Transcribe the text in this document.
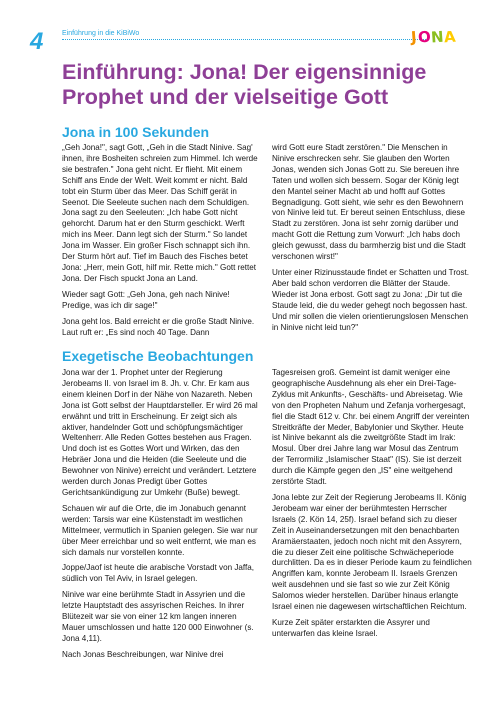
4	Einführung in die KiBiWo	JONA
Einführung: Jona! Der eigensinnige Prophet und der vielseitige Gott
Jona in 100 Sekunden

„Geh Jona!", sagt Gott, „Geh in die Stadt Ninive. Sag' ihnen, ihre Bosheiten schreien zum Himmel. Ich werde sie bestrafen." Jona geht nicht. Er flieht. Mit einem Schiff ans Ende der Welt. Weit kommt er nicht. Bald tobt ein Sturm über das Meer. Das Schiff gerät in Seenot. Die Seeleute suchen nach dem Schuldigen. Jona sagt zu den Seeleuten: „Ich habe Gott nicht gehorcht. Darum hat er den Sturm geschickt. Werft mich ins Meer. Dann legt sich der Sturm." So landet Jona im Wasser. Ein großer Fisch schnappt sich ihn. Der Sturm hört auf. Tief im Bauch des Fisches betet Jona: „Herr, mein Gott, hilf mir. Rette mich." Gott rettet Jona. Der Fisch spuckt Jona an Land.

Wieder sagt Gott: „Geh Jona, geh nach Ninive! Predige, was ich dir sage!"

Jona geht los. Bald erreicht er die große Stadt Ninive. Laut ruft er: „Es sind noch 40 Tage. Dann

wird Gott eure Stadt zerstören." Die Menschen in Ninive erschrecken sehr. Sie glauben den Worten Jonas, wenden sich Jonas Gott zu. Sie bereuen ihre Taten und wollen sich bessern. Sogar der König legt den Mantel seiner Macht ab und hofft auf Gottes Begnadigung. Gott sieht, wie sehr es den Bewohnern von Ninive leid tut. Er bereut seinen Entschluss, diese Stadt zu zerstören. Jona ist sehr zornig darüber und macht Gott die Rettung zum Vorwurf: „Ich habs doch gleich gewusst, dass du barmherzig bist und die Stadt verschonen wirst!"

Unter einer Rizinusstaude findet er Schatten und Trost. Aber bald schon verdorren die Blätter der Staude. Wieder ist Jona erbost. Gott sagt zu Jona: „Dir tut die Staude leid, die du weder gehegt noch begossen hast. Und mir sollen die vielen orientierungslosen Menschen in Ninive nicht leid tun?"

Exegetische Beobachtungen

Jona war der 1. Prophet unter der Regierung Jerobeams II. von Israel im 8. Jh. v. Chr. Er kam aus einem kleinen Dorf in der Nähe von Nazareth. Neben Jona ist Gott selbst der Hauptdarsteller. Er wird 26 mal erwähnt und tritt in Erscheinung. Er zeigt sich als aktiver, handelnder Gott und schöpfungsmächtiger Weltenherr. Alle Reden Gottes bestehen aus Fragen. Und doch ist es Gottes Wort und Wirken, das den Hebräer Jona und die Heiden (die Seeleute und die Bewohner von Ninive) erreicht und verändert. Letztere werden durch Jonas Predigt über Gottes Gerichtsankündigung zur Umkehr (Buße) bewegt.

Schauen wir auf die Orte, die im Jonabuch genannt werden: Tarsis war eine Küstenstadt im westlichen Mittelmeer, vermutlich in Spanien gelegen. Sie war nur über Meer erreichbar und so weit entfernt, wie man es sich damals nur vorstellen konnte.

Joppe/Jaof ist heute die arabische Vorstadt von Jaffa, südlich von Tel Aviv, in Israel gelegen.

Ninive war eine berühmte Stadt in Assyrien und die letzte Hauptstadt des assyrischen Reiches. In ihrer Blütezeit war sie von einer 12 km langen inneren Mauer umschlossen und hatte 120 000 Einwohner (s. Jona 4,11).

Nach Jonas Beschreibungen, war Ninive drei

Tagesreisen groß. Gemeint ist damit weniger eine geographische Ausdehnung als eher ein Drei-Tage-Zyklus mit Ankunfts-, Geschäfts- und Abreisetag. Wie von den Propheten Nahum und Zefanja vorhergesagt, fiel die Stadt 612 v. Chr. bei einem Angriff der vereinten Streitkräfte der Meder, Babylonier und Skyther. Heute ist Ninive bekannt als die zweitgrößte Stadt im Irak: Mosul. Über drei Jahre lang war Mosul das Zentrum der Terrormiliz „Islamischer Staat" (IS). Sie ist derzeit durch die Kämpfe gegen den „IS" eine weitgehend zerstörte Stadt.

Jona lebte zur Zeit der Regierung Jerobeams II. König Jerobeam war einer der berühmtesten Herrscher Israels (2. Kön 14, 25f). Israel befand sich zu dieser Zeit in Auseinandersetzungen mit den benachbarten Aramäerstaaten, jedoch noch nicht mit den Assyrern, die zu dieser Zeit eine politische Schwächeperiode durchlitten. Da es in dieser Periode kaum zu feindlichen Angriffen kam, konnte Jerobeam II. Israels Grenzen weit ausdehnen und sie fast so wie zur Zeit König Salomos wieder herstellen. Darüber hinaus erlangte Israel einen nie dagewesen wirtschaftlichen Reichtum.

Kurze Zeit später erstarkten die Assyrer und unterwarfen das kleine Israel.
